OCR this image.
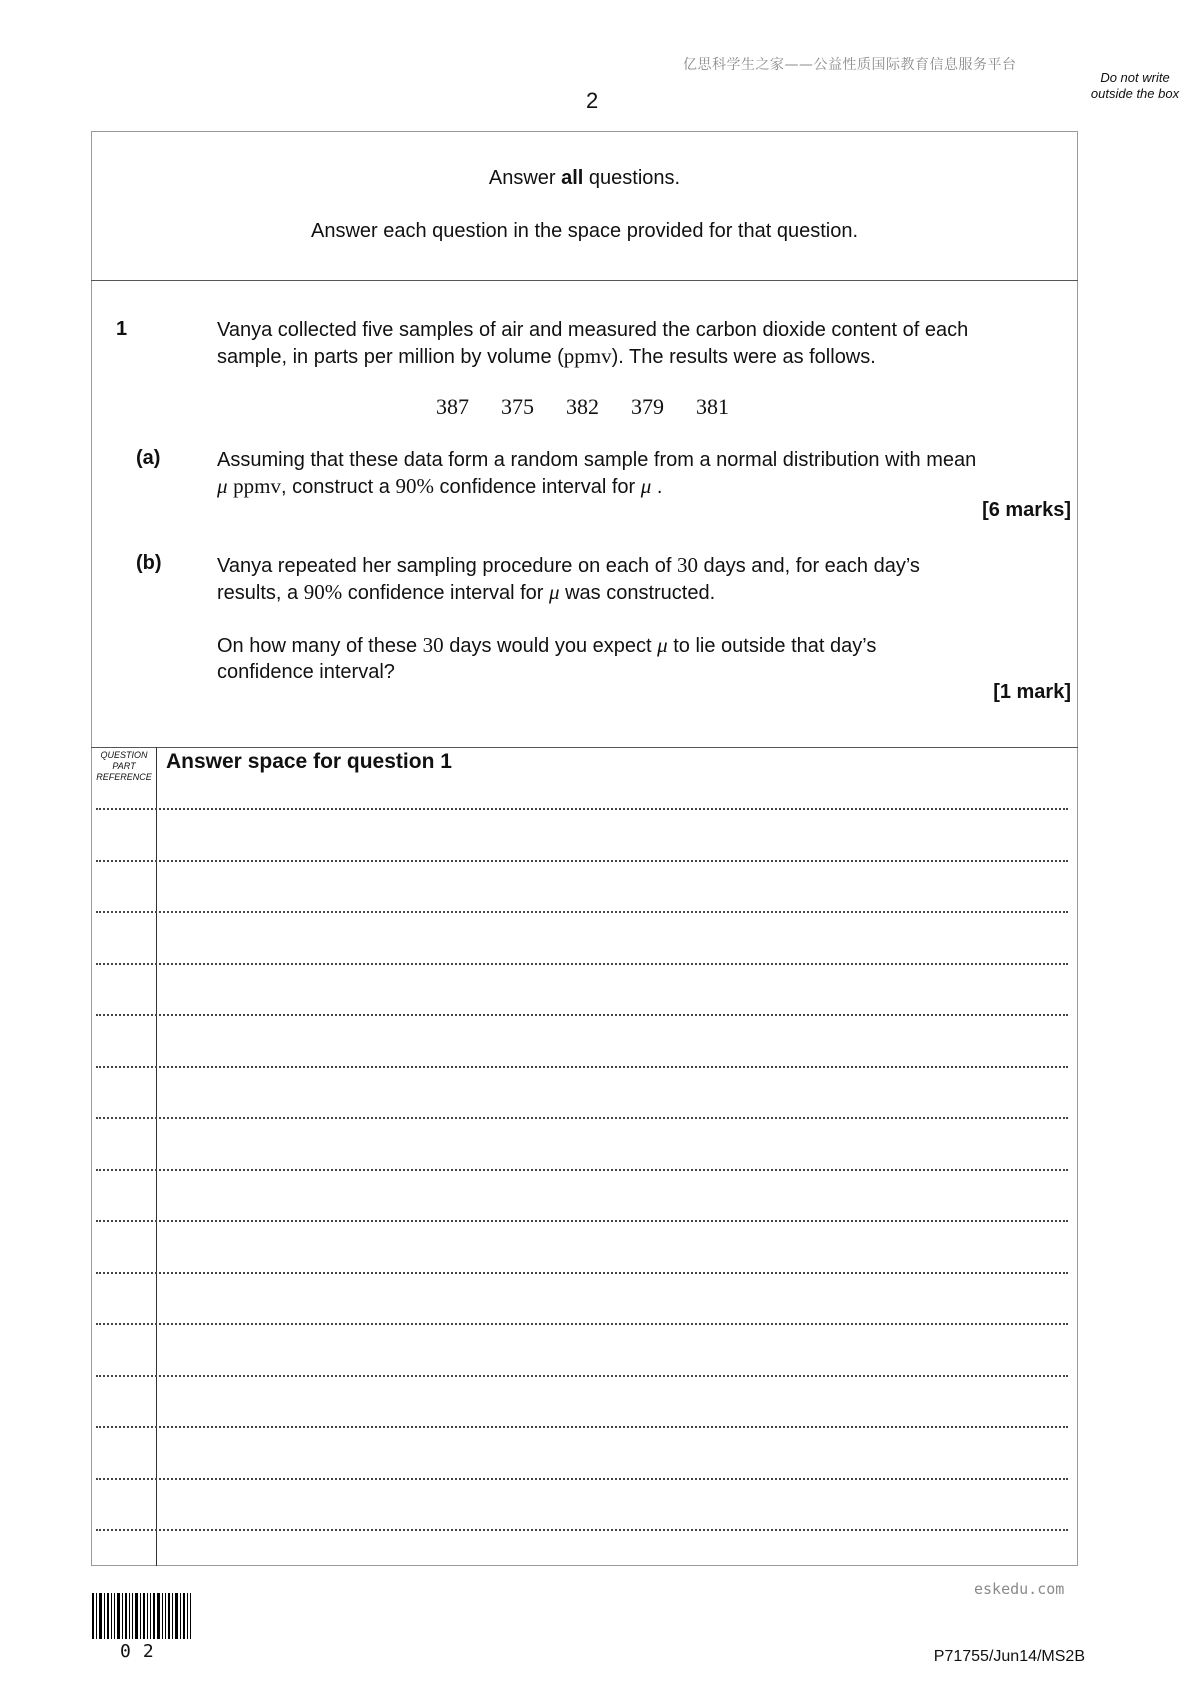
亿思科学生之家——公益性质国际教育信息服务平台
2
Do not write outside the box
Answer all questions.
Answer each question in the space provided for that question.
1	Vanya collected five samples of air and measured the carbon dioxide content of each
sample, in parts per million by volume (ppmv). The results were as follows.
387 375 382 379 381
(a)	Assuming that these data form a random sample from a normal distribution with mean
μ ppmv, construct a 90% confidence interval for μ .
[6 marks]
(b)	Vanya repeated her sampling procedure on each of 30 days and, for each day’s
results, a 90% confidence interval for μ was constructed.
On how many of these 30 days would you expect μ to lie outside that day’s
confidence interval?
[1 mark]
QUESTION
PART
REFERENCE
Answer space for question 1
eskedu.com
02	P71755/Jun14/MS2B
